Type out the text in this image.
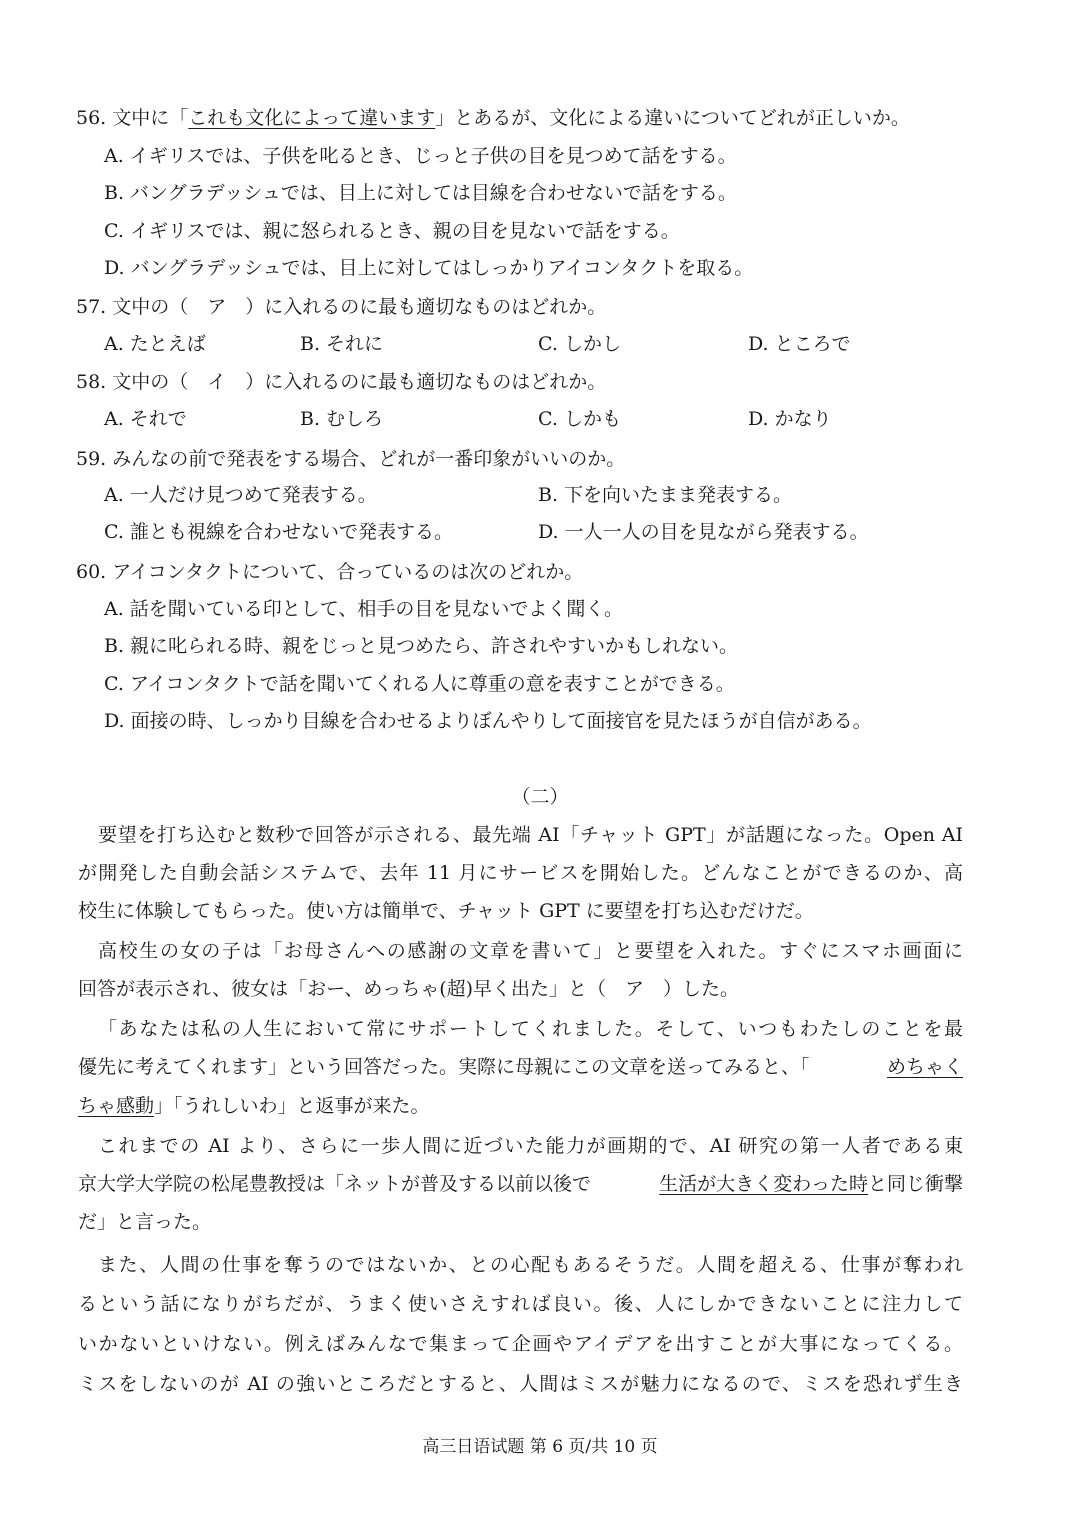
56. 文中に「これも文化によって違います」とあるが、文化による違いについてどれが正しいか。
A. イギリスでは、子供を叱るとき、じっと子供の目を見つめて話をする。
B. バングラデッシュでは、目上に対しては目線を合わせないで話をする。
C. イギリスでは、親に怒られるとき、親の目を見ないで話をする。
D. バングラデッシュでは、目上に対してはしっかりアイコンタクトを取る。
57. 文中の（　ア　）に入れるのに最も適切なものはどれか。
A. たとえば	B. それに	C. しかし	D. ところで
58. 文中の（　イ　）に入れるのに最も適切なものはどれか。
A. それで	B. むしろ	C. しかも	D. かなり
59. みんなの前で発表をする場合、どれが一番印象がいいのか。
A. 一人だけ見つめて発表する。	B. 下を向いたまま発表する。
C. 誰とも視線を合わせないで発表する。	D. 一人一人の目を見ながら発表する。
60. アイコンタクトについて、合っているのは次のどれか。
A. 話を聞いている印として、相手の目を見ないでよく聞く。
B. 親に叱られる時、親をじっと見つめたら、許されやすいかもしれない。
C. アイコンタクトで話を聞いてくれる人に尊重の意を表すことができる。
D. 面接の時、しっかり目線を合わせるよりぼんやりして面接官を見たほうが自信がある。
（二）
要望を打ち込むと数秒で回答が示される、最先端 AI「チャット GPT」が話題になった。Open AI
が開発した自動会話システムで、去年 11 月にサービスを開始した。どんなことができるのか、高
校生に体験してもらった。使い方は簡単で、チャット GPT に要望を打ち込むだけだ。
高校生の女の子は「お母さんへの感謝の文章を書いて」と要望を入れた。すぐにスマホ画面に
回答が表示され、彼女は「おー、めっちゃ(超)早く出た」と（　ア　）した。
「あなたは私の人生において常にサポートしてくれました。そして、いつもわたしのことを最
優先に考えてくれます」という回答だった。実際に母親にこの文章を送ってみると、「	めちゃく
ちゃ感動」「うれしいわ」と返事が来た。
これまでの AI より、さらに一歩人間に近づいた能力が画期的で、AI 研究の第一人者である東
京大学大学院の松尾豊教授は「ネットが普及する以前以後で	生活が大きく変わった時と同じ衝撃
だ」と言った。
また、人間の仕事を奪うのではないか、との心配もあるそうだ。人間を超える、仕事が奪われ
るという話になりがちだが、うまく使いさえすれば良い。後、人にしかできないことに注力して
いかないといけない。例えばみんなで集まって企画やアイデアを出すことが大事になってくる。
ミスをしないのが AI の強いところだとすると、人間はミスが魅力になるので、ミスを恐れず生き
高三日语试题 第 6 页/共 10 页
